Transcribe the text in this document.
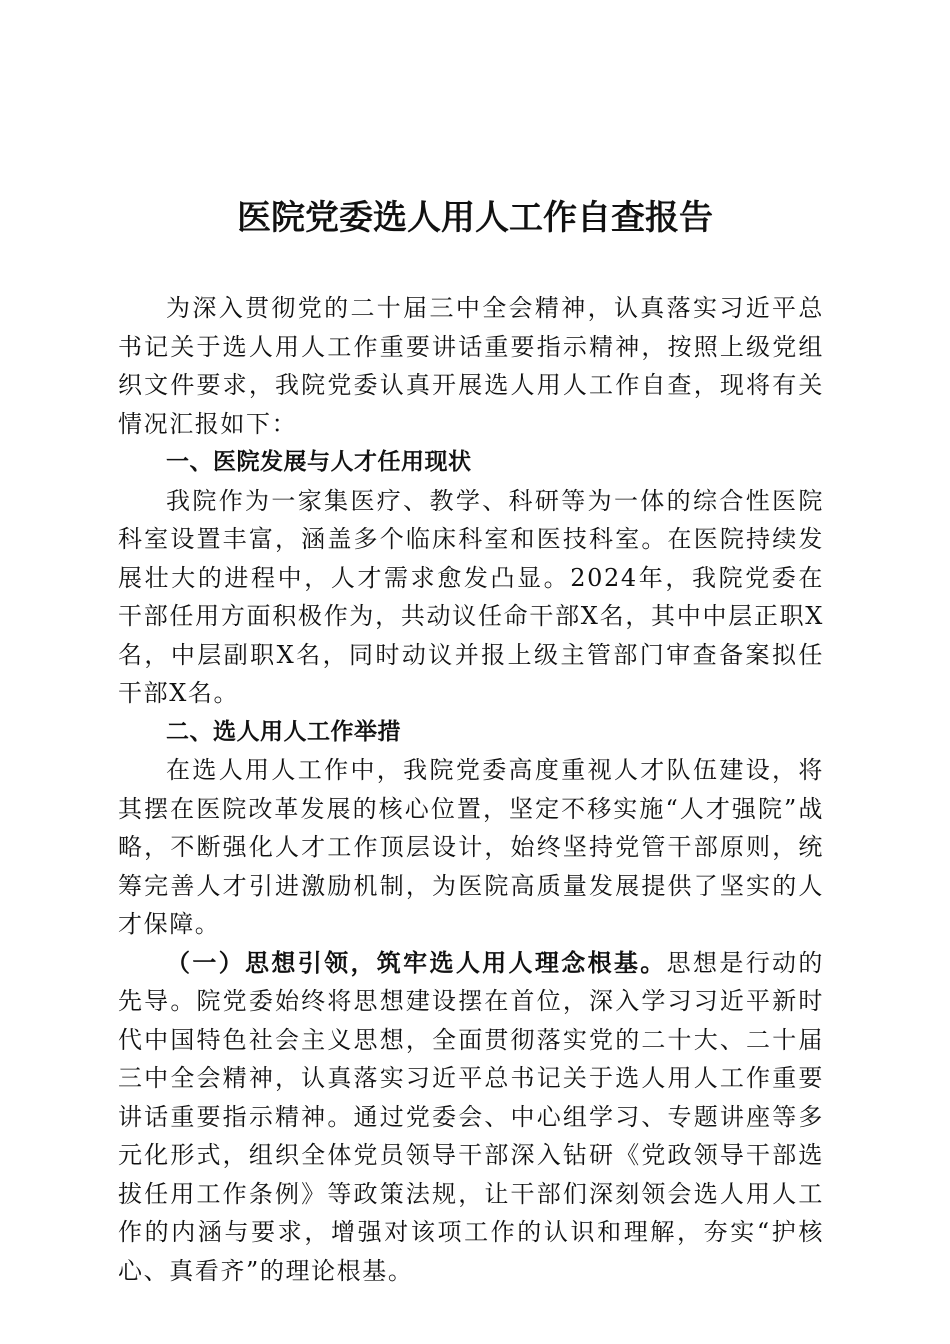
医院党委选人用人工作自查报告

为深入贯彻党的二十届三中全会精神，认真落实习近平总书记关于选人用人工作重要讲话重要指示精神，按照上级党组织文件要求，我院党委认真开展选人用人工作自查，现将有关情况汇报如下：

一、医院发展与人才任用现状

我院作为一家集医疗、教学、科研等为一体的综合性医院科室设置丰富，涵盖多个临床科室和医技科室。在医院持续发展壮大的进程中，人才需求愈发凸显。2024年，我院党委在干部任用方面积极作为，共动议任命干部X名，其中中层正职X名，中层副职X名，同时动议并报上级主管部门审查备案拟任干部X名。

二、选人用人工作举措

在选人用人工作中，我院党委高度重视人才队伍建设，将其摆在医院改革发展的核心位置，坚定不移实施“人才强院”战略，不断强化人才工作顶层设计，始终坚持党管干部原则，统筹完善人才引进激励机制，为医院高质量发展提供了坚实的人才保障。

（一）思想引领，筑牢选人用人理念根基。思想是行动的先导。院党委始终将思想建设摆在首位，深入学习习近平新时代中国特色社会主义思想，全面贯彻落实党的二十大、二十届三中全会精神，认真落实习近平总书记关于选人用人工作重要讲话重要指示精神。通过党委会、中心组学习、专题讲座等多元化形式，组织全体党员领导干部深入钻研《党政领导干部选拔任用工作条例》等政策法规，让干部们深刻领会选人用人工作的内涵与要求，增强对该项工作的认识和理解，夯实“护核心、真看齐”的理论根基。
